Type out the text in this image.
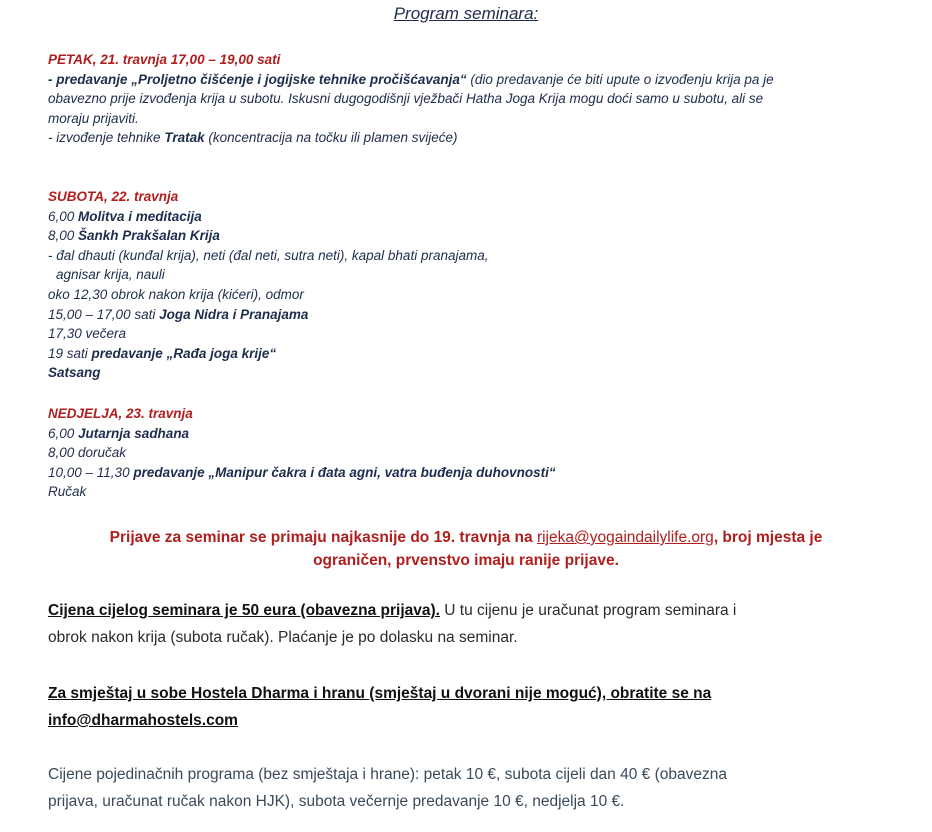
Program seminara:
PETAK, 21. travnja 17,00 – 19,00 sati
- predavanje „Proljetno čišćenje i jogijske tehnike pročišćavanja“ (dio predavanje će biti upute o izvođenju krija pa je
obavezno prije izvođenja krija u subotu. Iskusni dugogodišnji vježbači Hatha Joga Krija mogu doći samo u subotu, ali se
moraju prijaviti.
- izvođenje tehnike Tratak (koncentracija na točku ili plamen svijeće)
SUBOTA, 22. travnja
6,00 Molitva i meditacija
8,00 Šankh Prakšalan Krija
- đal dhauti (kunđal krija), neti (đal neti, sutra neti), kapal bhati pranajama,
agnisar krija, nauli
oko 12,30 obrok nakon krija (kićeri), odmor
15,00 – 17,00 sati Joga Nidra i Pranajama
17,30 večera
19 sati predavanje „Rađa joga krije“
Satsang
NEDJELJA, 23. travnja
6,00 Jutarnja sadhana
8,00 doručak
10,00 – 11,30 predavanje „Manipur čakra i đata agni, vatra buđenja duhovnosti“
Ručak
Prijave za seminar se primaju najkasnije do 19. travnja na rijeka@yogaindailylife.org, broj mjesta je
ograničen, prvenstvo imaju ranije prijave.
Cijena cijelog seminara je 50 eura (obavezna prijava). U tu cijenu je uračunat program seminara i
obrok nakon krija (subota ručak). Plaćanje je po dolasku na seminar.
Za smještaj u sobe Hostela Dharma i hranu (smještaj u dvorani nije moguć), obratite se na
info@dharmahostels.com
Cijene pojedinačnih programa (bez smještaja i hrane): petak 10 €, subota cijeli dan 40 € (obavezna
prijava, uračunat ručak nakon HJK), subota večernje predavanje 10 €, nedjelja 10 €.
